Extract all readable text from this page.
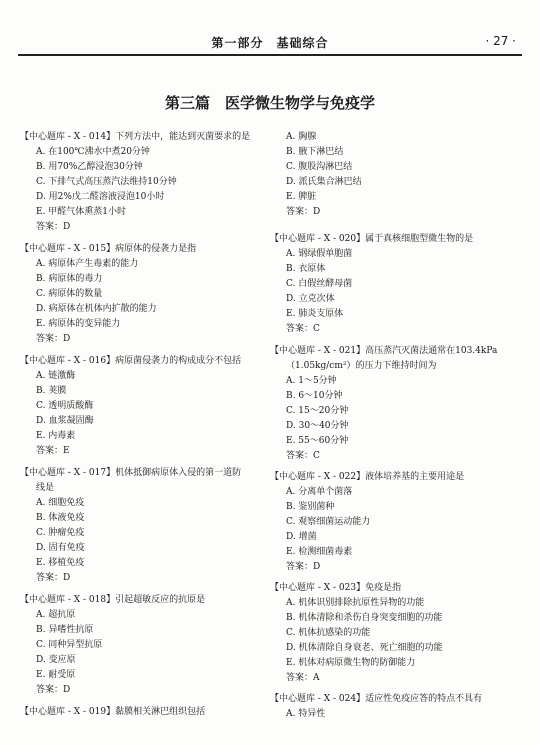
第一部分　基础综合	· 27 ·
第三篇　医学微生物学与免疫学
【中心题库 - X - 014】下列方法中，能达到灭菌要求的是
A. 在100℃沸水中煮20分钟
B. 用70%乙醇浸泡30分钟
C. 下排气式高压蒸汽法维持10分钟
D. 用2%戊二醛溶液浸泡10小时
E. 甲醛气体熏蒸1小时
答案：D
【中心题库 - X - 015】病原体的侵袭力是指
A. 病原体产生毒素的能力
B. 病原体的毒力
C. 病原体的数量
D. 病原体在机体内扩散的能力
E. 病原体的变异能力
答案：D
【中心题库 - X - 016】病原菌侵袭力的构成成分不包括
A. 链激酶
B. 荚膜
C. 透明质酸酶
D. 血浆凝固酶
E. 内毒素
答案：E
【中心题库 - X - 017】机体抵御病原体入侵的第一道防
线是
A. 细胞免疫
B. 体液免疫
C. 肿瘤免疫
D. 固有免疫
E. 移植免疫
答案：D
【中心题库 - X - 018】引起超敏反应的抗原是
A. 超抗原
B. 异嗜性抗原
C. 同种异型抗原
D. 变应原
E. 耐受原
答案：D
【中心题库 - X - 019】黏膜相关淋巴组织包括
A. 胸腺
B. 腋下淋巴结
C. 腹股沟淋巴结
D. 派氏集合淋巴结
E. 脾脏
答案：D
【中心题库 - X - 020】属于真核细胞型微生物的是
A. 钢绿假单胞菌
B. 衣原体
C. 白假丝酵母菌
D. 立克次体
E. 肺炎支原体
答案：C
【中心题库 - X - 021】高压蒸汽灭菌法通常在103.4kPa
（1.05kg/cm²）的压力下维持时间为
A. 1～5分钟
B. 6～10分钟
C. 15～20分钟
D. 30～40分钟
E. 55～60分钟
答案：C
【中心题库 - X - 022】液体培养基的主要用途是
A. 分离单个菌落
B. 鉴别菌种
C. 观察细菌运动能力
D. 增菌
E. 检测细菌毒素
答案：D
【中心题库 - X - 023】免疫是指
A. 机体识别排除抗原性异物的功能
B. 机体清除和杀伤自身突变细胞的功能
C. 机体抗感染的功能
D. 机体清除自身衰老、死亡细胞的功能
E. 机体对病原微生物的防御能力
答案：A
【中心题库 - X - 024】适应性免疫应答的特点不具有
A. 特异性
